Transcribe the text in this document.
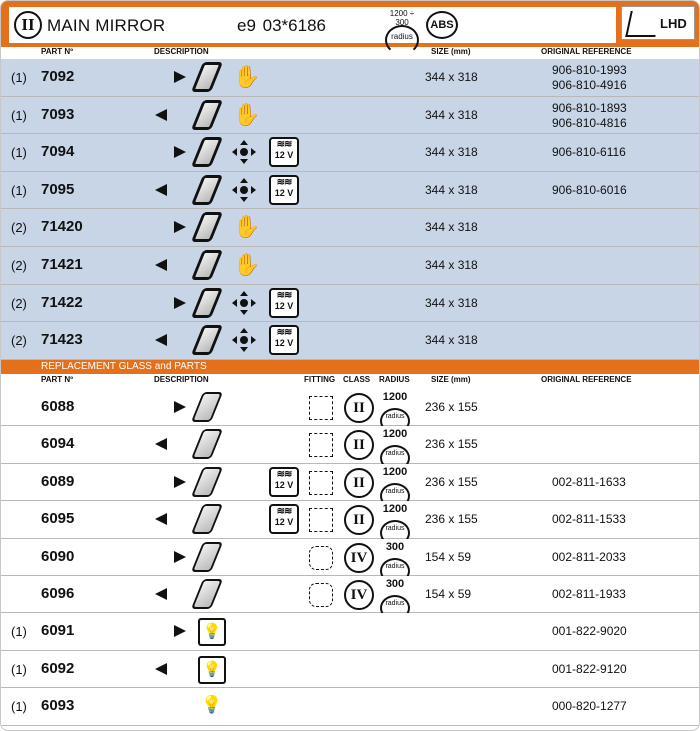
II MAIN MIRROR	e9 03*6186
1200 ÷
300
radius
ABS	LHD
PART Nº	DESCRIPTION	SIZE (mm)	ORIGINAL REFERENCE
(1) 7092	✋	344 x 318	906-810-1993
906-810-4916
(1) 7093	✋	344 x 318	906-810-1893
906-810-4816
(1) 7094	≋≋
12 V	344 x 318	906-810-6116
(1) 7095	≋≋
12 V	344 x 318	906-810-6016
(2) 71420	✋	344 x 318
(2) 71421	✋	344 x 318
(2) 71422	≋≋
12 V	344 x 318
(2) 71423	≋≋
12 V	344 x 318
REPLACEMENT GLASS and PARTS
PART Nº	DESCRIPTION	FITTING CLASS RADIUS	SIZE (mm)	ORIGINAL REFERENCE
6088	II
1200
radius
236 x 155
6094	II
1200
radius
236 x 155
6089	≋≋
12 V	II
1200
radius
236 x 155	002-811-1633
6095	≋≋
12 V	II
1200
radius
236 x 155	002-811-1533
6090	IV
300
radius
154 x 59	002-811-2033
6096	IV
300
radius
154 x 59	002-811-1933
(1) 6091	💡	001-822-9020
(1) 6092	💡	001-822-9120
(1) 6093	💡	000-820-1277
